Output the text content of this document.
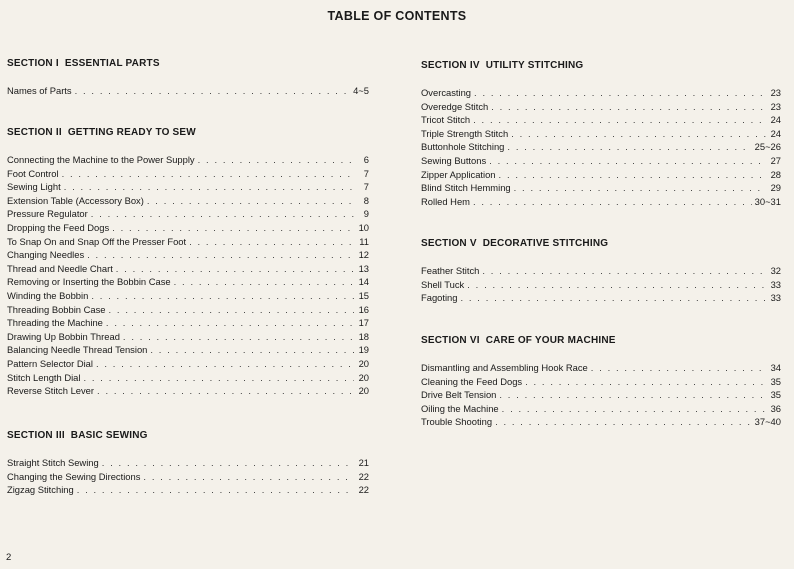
TABLE OF CONTENTS
SECTION I ESSENTIAL PARTS
Names of Parts . . .	4~5
SECTION II GETTING READY TO SEW
Connecting the Machine to the Power Supply . . .	6
Foot Control . . .	7
Sewing Light . . .	7
Extension Table (Accessory Box) . . .	8
Pressure Regulator . . .	9
Dropping the Feed Dogs . . .	10
To Snap On and Snap Off the Presser Foot . . .	11
Changing Needles . . .	12
Thread and Needle Chart . . .	13
Removing or Inserting the Bobbin Case . . .	14
Winding the Bobbin . . .	15
Threading Bobbin Case . . .	16
Threading the Machine . . .	17
Drawing Up Bobbin Thread . . .	18
Balancing Needle Thread Tension . . .	19
Pattern Selector Dial . . .	20
Stitch Length Dial . . .	20
Reverse Stitch Lever . . .	20
SECTION III BASIC SEWING
Straight Stitch Sewing . . .	21
Changing the Sewing Directions . . .	22
Zigzag Stitching . . .	22
SECTION IV UTILITY STITCHING
Overcasting . . .	23
Overedge Stitch . . .	23
Tricot Stitch . . .	24
Triple Strength Stitch . . .	24
Buttonhole Stitching . . .	25~26
Sewing Buttons . . .	27
Zipper Application . . .	28
Blind Stitch Hemming . . .	29
Rolled Hem . . .	30~31
SECTION V DECORATIVE STITCHING
Feather Stitch . . .	32
Shell Tuck . . .	33
Fagoting . . .	33
SECTION VI CARE OF YOUR MACHINE
Dismantling and Assembling Hook Race . . .	34
Cleaning the Feed Dogs . . .	35
Drive Belt Tension . . .	35
Oiling the Machine . . .	36
Trouble Shooting . . .	37~40
2
